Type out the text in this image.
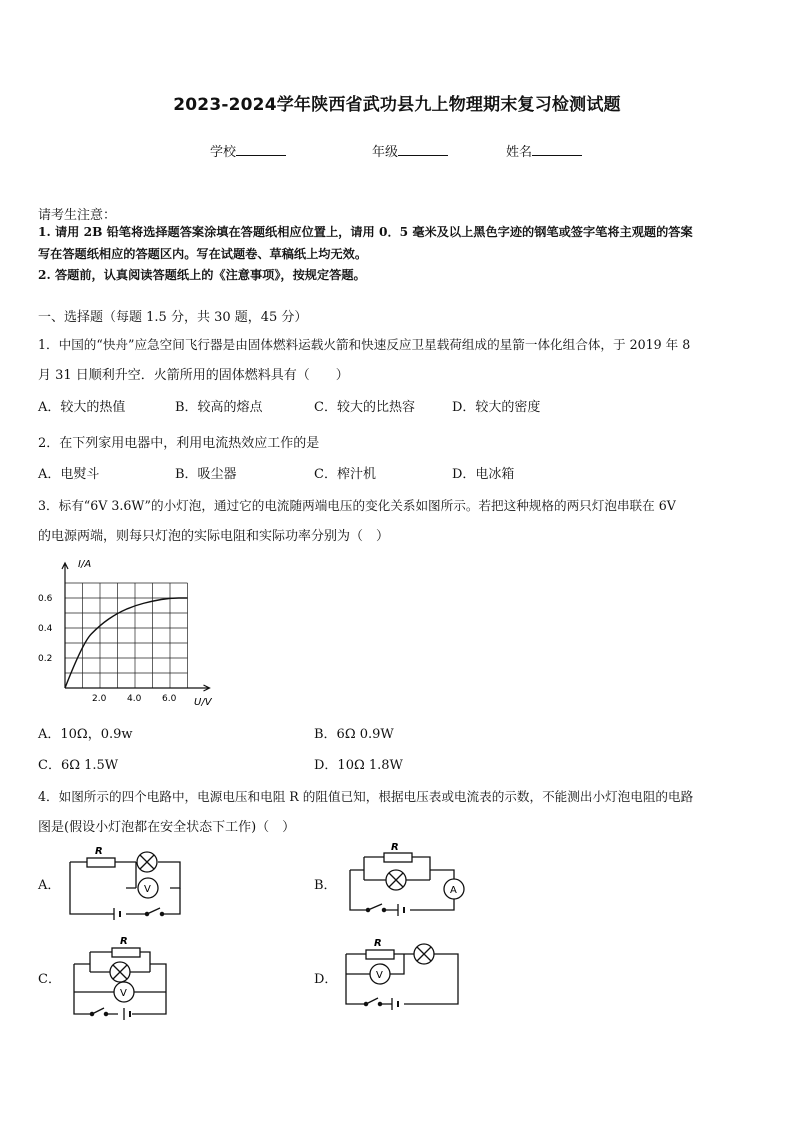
2023-2024学年陕西省武功县九上物理期末复习检测试题
学校	年级	姓名
请考生注意：
1. 请用 2B 铅笔将选择题答案涂填在答题纸相应位置上，请用 0．5 毫米及以上黑色字迹的钢笔或签字笔将主观题的答案
写在答题纸相应的答题区内。写在试题卷、草稿纸上均无效。
2. 答题前，认真阅读答题纸上的《注意事项》，按规定答题。
一、选择题（每题 1.5 分，共 30 题，45 分）
1．中国的“快舟”应急空间飞行器是由固体燃料运载火箭和快速反应卫星载荷组成的星箭一体化组合体，于 2019 年 8
月 31 日顺利升空．火箭所用的固体燃料具有（　　）
A．较大的热值	B．较高的熔点	C．较大的比热容	D．较大的密度
2．在下列家用电器中，利用电流热效应工作的是
A．电熨斗	B．吸尘器	C．榨汁机	D．电冰箱
3．标有“6V 3.6W”的小灯泡，通过它的电流随两端电压的变化关系如图所示。若把这种规格的两只灯泡串联在 6V
的电源两端，则每只灯泡的实际电阻和实际功率分别为（　）
I/A
U/V
2.0 4.0 6.0
0.2
0.4
0.6
A．10Ω，0.9w	B．6Ω 0.9W
C．6Ω 1.5W	D．10Ω 1.8W
4．如图所示的四个电路中，电源电压和电阻 R 的阻值已知，根据电压表或电流表的示数，不能测出小灯泡电阻的电路
图是(假设小灯泡都在安全状态下工作)（　）
A．	B．
C．	D．
R
V
R
A
R
V
R
V
